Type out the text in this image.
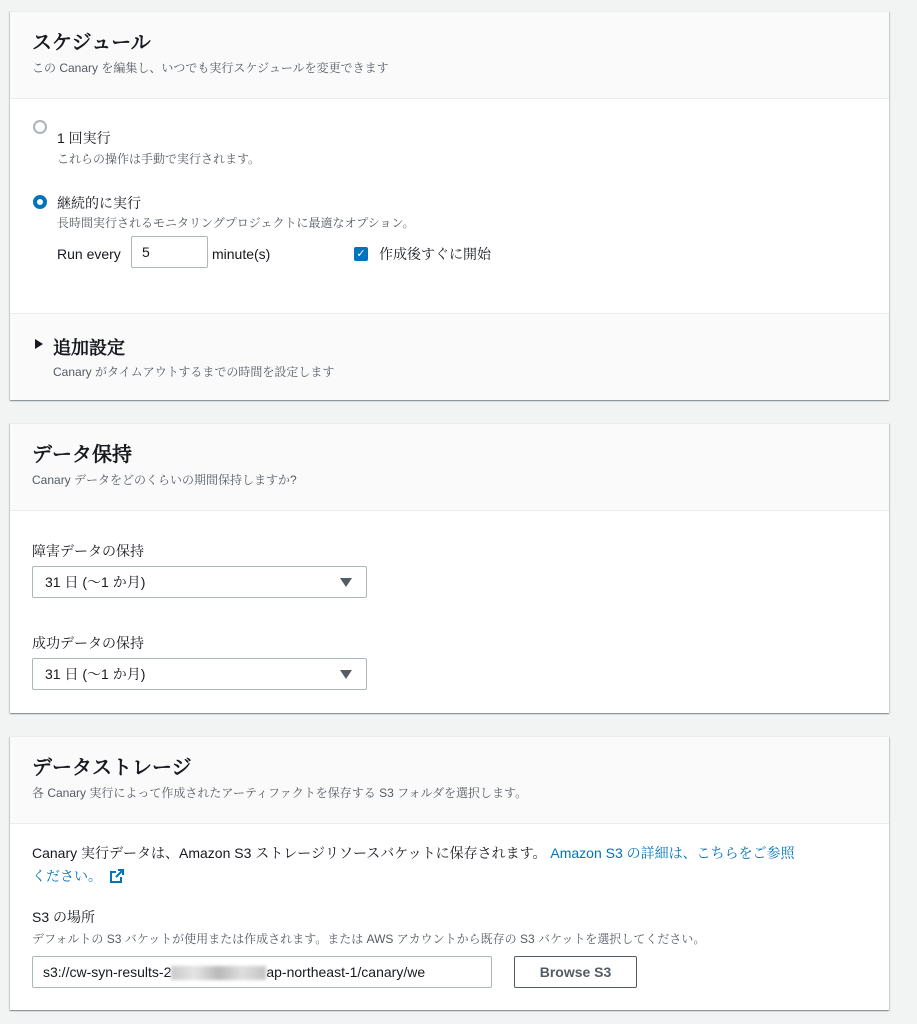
スケジュール
この Canary を編集し、いつでも実行スケジュールを変更できます
1 回実行
これらの操作は手動で実行されます。
継続的に実行
長時間実行されるモニタリングプロジェクトに最適なオプション。
Run every
5	minute(s)	✓ 作成後すぐに開始
追加設定
Canary がタイムアウトするまでの時間を設定します
データ保持
Canary データをどのくらいの期間保持しますか?
障害データの保持
31 日 (〜1 か月)
成功データの保持
31 日 (〜1 か月)
データストレージ
各 Canary 実行によって作成されたアーティファクトを保存する S3 フォルダを選択します。
Canary 実行データは、Amazon S3 ストレージリソースバケットに保存されます。 Amazon S3 の詳細は、こちらをご参照
ください。
S3 の場所
デフォルトの S3 バケットが使用または作成されます。または AWS アカウントから既存の S3 バケットを選択してください。
s3://cw-syn-results-2	ap-northeast-1/canary/we	Browse S3
